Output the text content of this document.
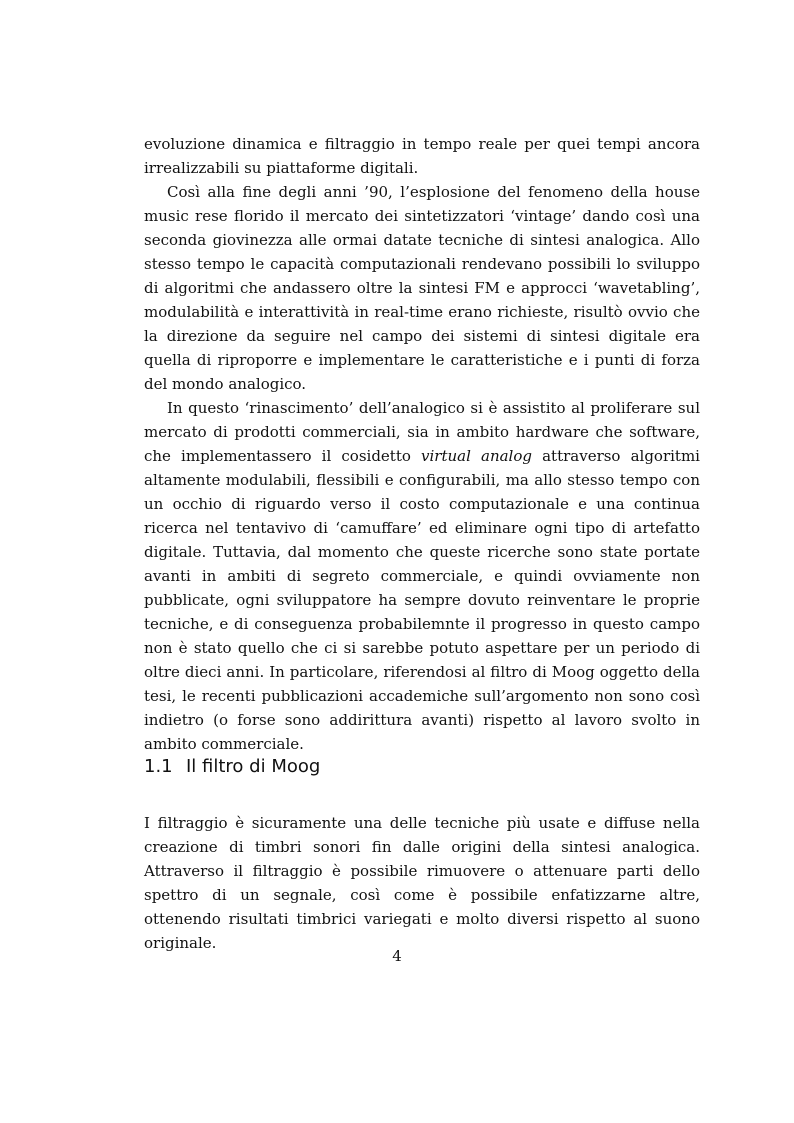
evoluzione dinamica e filtraggio in tempo reale per quei tempi ancora irrealizzabili su piattaforme digitali.

Così alla fine degli anni ’90, l’esplosione del fenomeno della house music rese florido il mercato dei sintetizzatori ‘vintage’ dando così una seconda giovinezza alle ormai datate tecniche di sintesi analogica. Allo stesso tempo le capacità computazionali rendevano possibili lo sviluppo di algoritmi che andassero oltre la sintesi FM e approcci ‘wavetabling’, modulabilità e interattività in real-time erano richieste, risultò ovvio che la direzione da seguire nel campo dei sistemi di sintesi digitale era quella di riproporre e implementare le caratteristiche e i punti di forza del mondo analogico.

In questo ‘rinascimento’ dell’analogico si è assistito al proliferare sul mercato di prodotti commerciali, sia in ambito hardware che software, che implementassero il cosidetto virtual analog attraverso algoritmi altamente modulabili, flessibili e configurabili, ma allo stesso tempo con un occhio di riguardo verso il costo computazionale e una continua ricerca nel tentavivo di ‘camuffare’ ed eliminare ogni tipo di artefatto digitale. Tuttavia, dal momento che queste ricerche sono state portate avanti in ambiti di segreto commerciale, e quindi ovviamente non pubblicate, ogni sviluppatore ha sempre dovuto reinventare le proprie tecniche, e di conseguenza probabilemnte il progresso in questo campo non è stato quello che ci si sarebbe potuto aspettare per un periodo di oltre dieci anni. In particolare, riferendosi al filtro di Moog oggetto della tesi, le recenti pubblicazioni accademiche sull’argomento non sono così indietro (o forse sono addirittura avanti) rispetto al lavoro svolto in ambito commerciale.

1.1 Il filtro di Moog

I filtraggio è sicuramente una delle tecniche più usate e diffuse nella creazione di timbri sonori fin dalle origini della sintesi analogica. Attraverso il filtraggio è possibile rimuovere o attenuare parti dello spettro di un segnale, così come è possibile enfatizzarne altre, ottenendo risultati timbrici variegati e molto diversi rispetto al suono originale.

4
